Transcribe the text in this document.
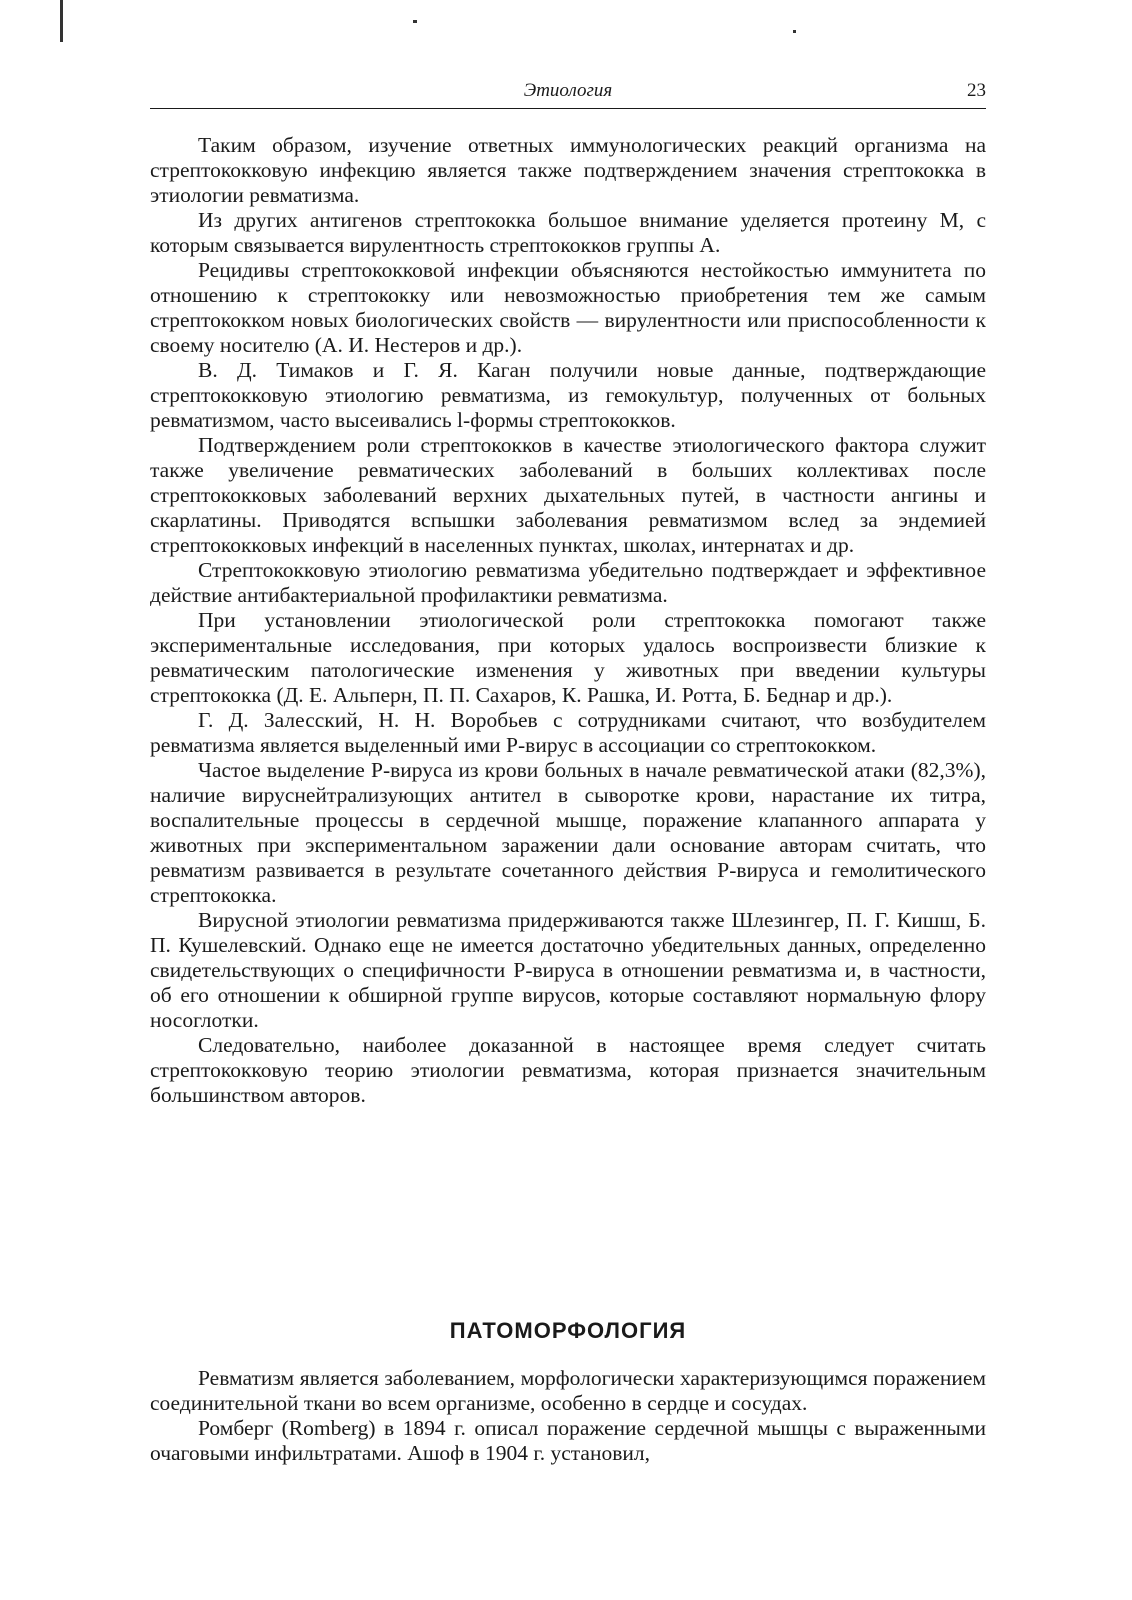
Этиология	23

Таким образом, изучение ответных иммунологических реакций организма на стрептококковую инфекцию является также подтверждением значения стрептококка в этиологии ревматизма.

Из других антигенов стрептококка большое внимание уделяется протеину М, с которым связывается вирулентность стрептококков группы А.

Рецидивы стрептококковой инфекции объясняются нестойкостью иммунитета по отношению к стрептококку или невозможностью приобретения тем же самым стрептококком новых биологических свойств — вирулентности или приспособленности к своему носителю (А. И. Нестеров и др.).

В. Д. Тимаков и Г. Я. Каган получили новые данные, подтверждающие стрептококковую этиологию ревматизма, из гемокультур, полученных от больных ревматизмом, часто высеивались l-формы стрептококков.

Подтверждением роли стрептококков в качестве этиологического фактора служит также увеличение ревматических заболеваний в больших коллективах после стрептококковых заболеваний верхних дыхательных путей, в частности ангины и скарлатины. Приводятся вспышки заболевания ревматизмом вслед за эндемией стрептококковых инфекций в населенных пунктах, школах, интернатах и др.

Стрептококковую этиологию ревматизма убедительно подтверждает и эффективное действие антибактериальной профилактики ревматизма.

При установлении этиологической роли стрептококка помогают также экспериментальные исследования, при которых удалось воспроизвести близкие к ревматическим патологические изменения у животных при введении культуры стрептококка (Д. Е. Альперн, П. П. Сахаров, К. Рашка, И. Ротта, Б. Беднар и др.).

Г. Д. Залесский, Н. Н. Воробьев с сотрудниками считают, что возбудителем ревматизма является выделенный ими Р-вирус в ассоциации со стрептококком.

Частое выделение Р-вируса из крови больных в начале ревматической атаки (82,3%), наличие вируснейтрализующих антител в сыворотке крови, нарастание их титра, воспалительные процессы в сердечной мышце, поражение клапанного аппарата у животных при экспериментальном заражении дали основание авторам считать, что ревматизм развивается в результате сочетанного действия Р-вируса и гемолитического стрептококка.

Вирусной этиологии ревматизма придерживаются также Шлезингер, П. Г. Кишш, Б. П. Кушелевский. Однако еще не имеется достаточно убедительных данных, определенно свидетельствующих о специфичности Р-вируса в отношении ревматизма и, в частности, об его отношении к обширной группе вирусов, которые составляют нормальную флору носоглотки.

Следовательно, наиболее доказанной в настоящее время следует считать стрептококковую теорию этиологии ревматизма, которая признается значительным большинством авторов.

ПАТОМОРФОЛОГИЯ

Ревматизм является заболеванием, морфологически характеризующимся поражением соединительной ткани во всем организме, особенно в сердце и сосудах.

Ромберг (Romberg) в 1894 г. описал поражение сердечной мышцы с выраженными очаговыми инфильтратами. Ашоф в 1904 г. установил,
